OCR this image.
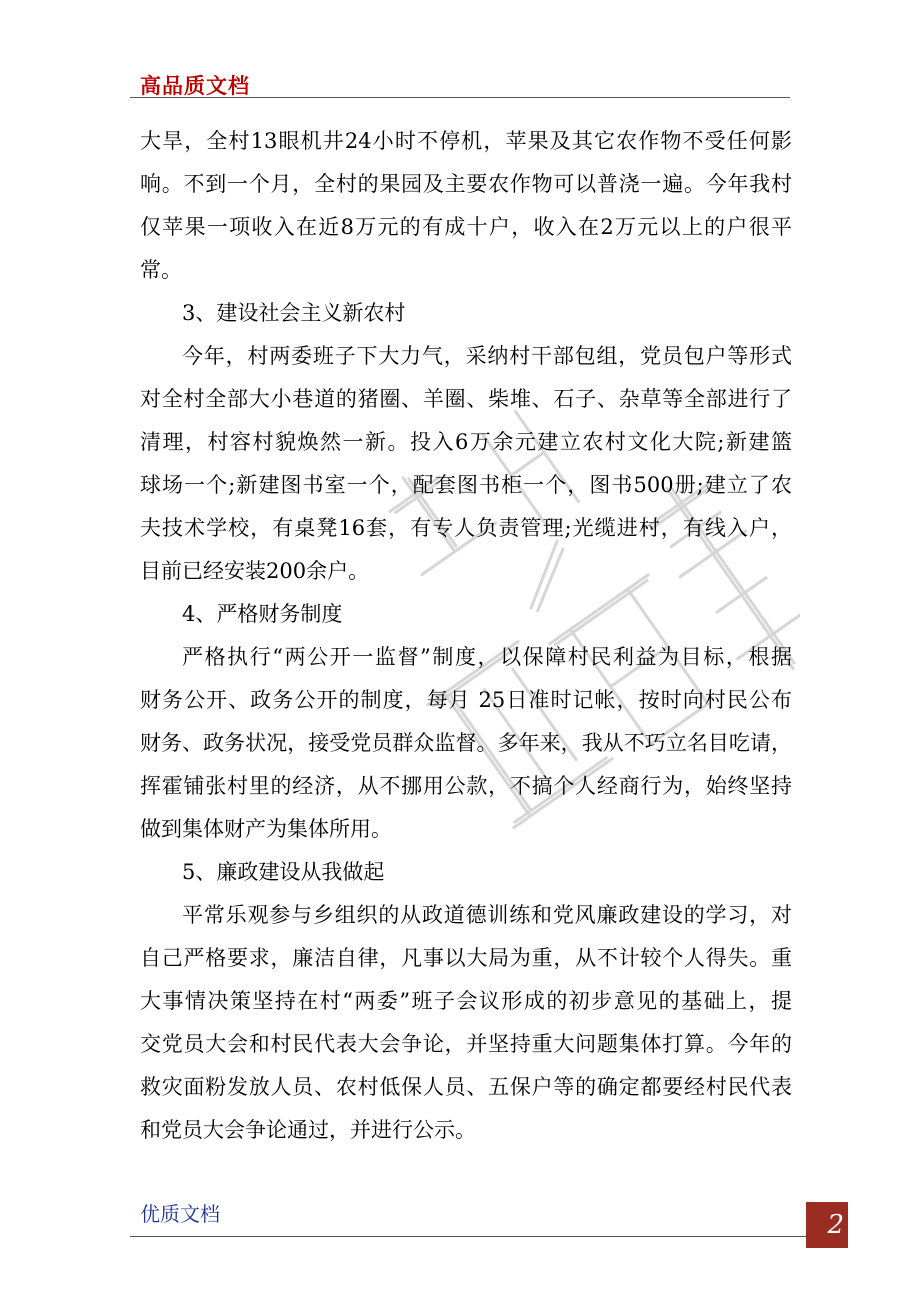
高品质文档
大旱，全村13眼机井24小时不停机，苹果及其它农作物不受任何影
响。不到一个月，全村的果园及主要农作物可以普浇一遍。今年我村
仅苹果一项收入在近8万元的有成十户，收入在2万元以上的户很平
常。
3、建设社会主义新农村
今年，村两委班子下大力气，采纳村干部包组，党员包户等形式
对全村全部大小巷道的猪圈、羊圈、柴堆、石子、杂草等全部进行了
清理，村容村貌焕然一新。投入6万余元建立农村文化大院;新建篮
球场一个;新建图书室一个，配套图书柜一个，图书500册;建立了农
夫技术学校，有桌凳16套，有专人负责管理;光缆进村，有线入户，
目前已经安装200余户。
4、严格财务制度
严格执行“两公开一监督”制度，以保障村民利益为目标，根据
财务公开、政务公开的制度，每月 25日准时记帐，按时向村民公布
财务、政务状况，接受党员群众监督。多年来，我从不巧立名目吃请，
挥霍铺张村里的经济，从不挪用公款，不搞个人经商行为，始终坚持
做到集体财产为集体所用。
5、廉政建设从我做起
平常乐观参与乡组织的从政道德训练和党风廉政建设的学习，对
自己严格要求，廉洁自律，凡事以大局为重，从不计较个人得失。重
大事情决策坚持在村“两委”班子会议形成的初步意见的基础上，提
交党员大会和村民代表大会争论，并坚持重大问题集体打算。今年的
救灾面粉发放人员、农村低保人员、五保户等的确定都要经村民代表
和党员大会争论通过，并进行公示。
优质文档	2
